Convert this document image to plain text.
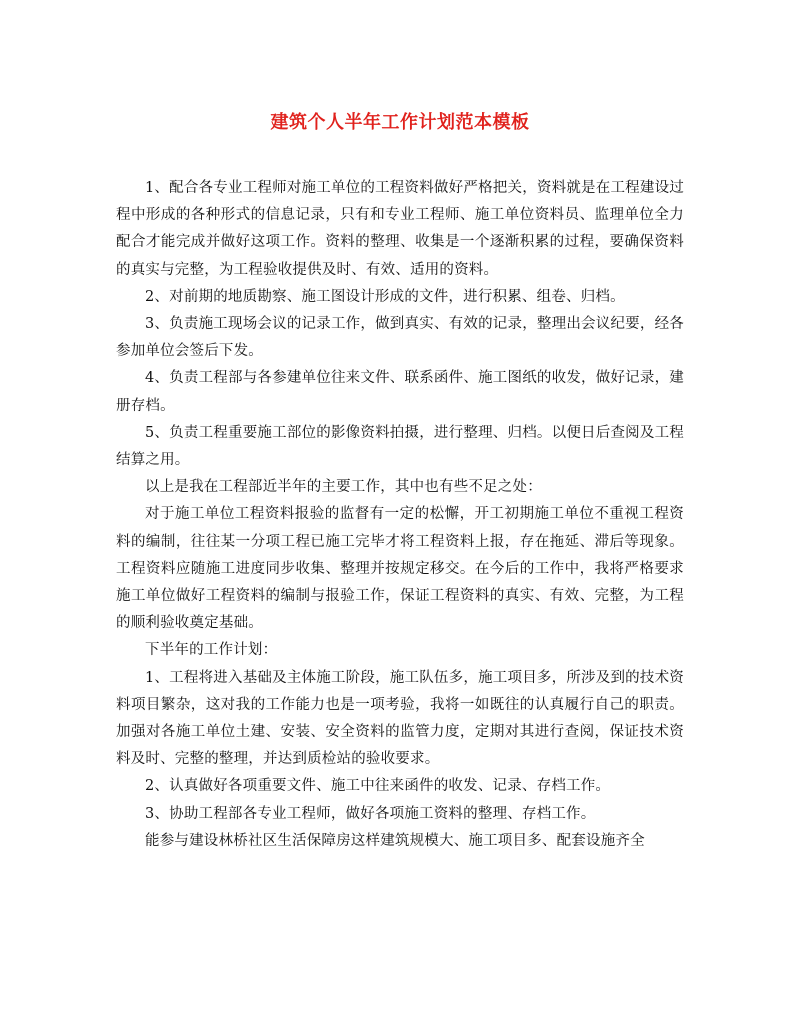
建筑个人半年工作计划范本模板

1、配合各专业工程师对施工单位的工程资料做好严格把关，资料就是在工程建设过程中形成的各种形式的信息记录，只有和专业工程师、施工单位资料员、监理单位全力配合才能完成并做好这项工作。资料的整理、收集是一个逐渐积累的过程，要确保资料的真实与完整，为工程验收提供及时、有效、适用的资料。

2、对前期的地质勘察、施工图设计形成的文件，进行积累、组卷、归档。

3、负责施工现场会议的记录工作，做到真实、有效的记录，整理出会议纪要，经各参加单位会签后下发。

4、负责工程部与各参建单位往来文件、联系函件、施工图纸的收发，做好记录，建册存档。

5、负责工程重要施工部位的影像资料拍摄，进行整理、归档。以便日后查阅及工程结算之用。

以上是我在工程部近半年的主要工作，其中也有些不足之处：

对于施工单位工程资料报验的监督有一定的松懈，开工初期施工单位不重视工程资料的编制，往往某一分项工程已施工完毕才将工程资料上报，存在拖延、滞后等现象。工程资料应随施工进度同步收集、整理并按规定移交。在今后的工作中，我将严格要求施工单位做好工程资料的编制与报验工作，保证工程资料的真实、有效、完整，为工程的顺利验收奠定基础。

下半年的工作计划：

1、工程将进入基础及主体施工阶段，施工队伍多，施工项目多，所涉及到的技术资料项目繁杂，这对我的工作能力也是一项考验，我将一如既往的认真履行自己的职责。加强对各施工单位土建、安装、安全资料的监管力度，定期对其进行查阅，保证技术资料及时、完整的整理，并达到质检站的验收要求。

2、认真做好各项重要文件、施工中往来函件的收发、记录、存档工作。

3、协助工程部各专业工程师，做好各项施工资料的整理、存档工作。

能参与建设林桥社区生活保障房这样建筑规模大、施工项目多、配套设施齐全
